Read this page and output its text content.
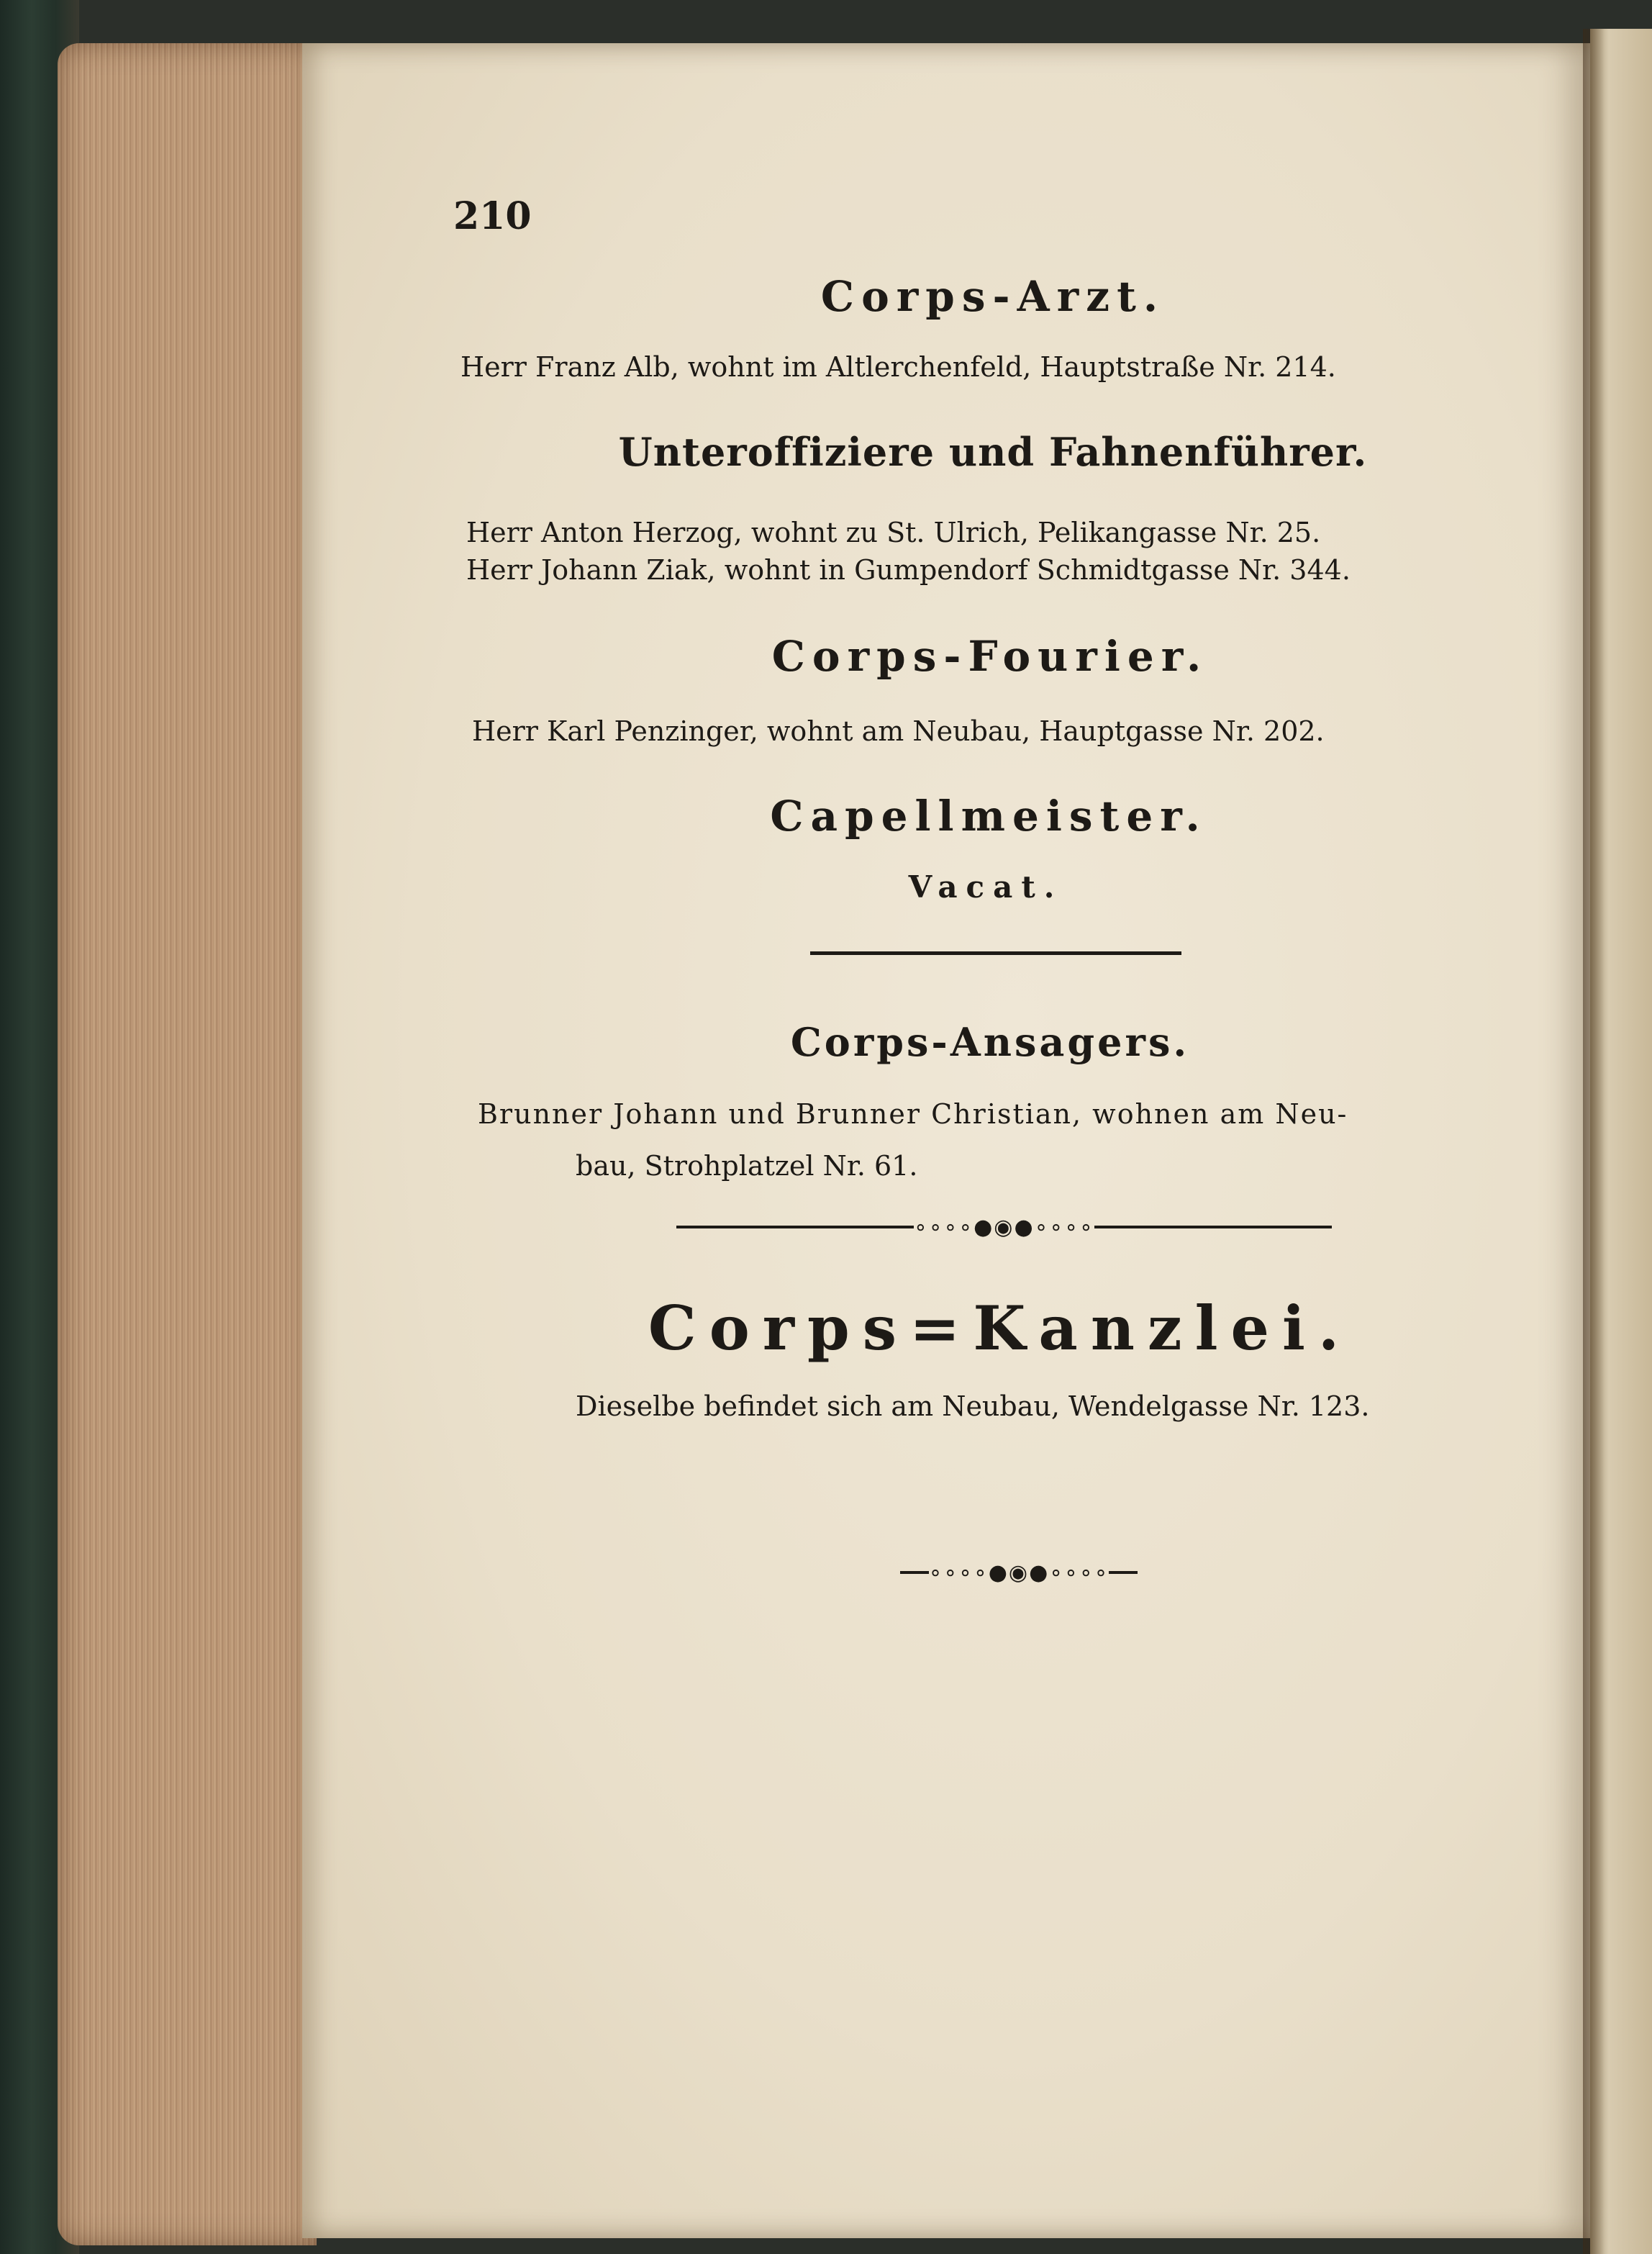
210
Corps-Arzt.
Herr Franz Alb, wohnt im Altlerchenfeld, Hauptstraße Nr. 214.
Unteroffiziere und Fahnenführer.
Herr Anton Herzog, wohnt zu St. Ulrich, Pelikangasse Nr. 25.
Herr Johann Ziak, wohnt in Gumpendorf Schmidtgasse Nr. 344.
Corps-Fourier.
Herr Karl Penzinger, wohnt am Neubau, Hauptgasse Nr. 202.
Capellmeister.
Vacat.
Corps-Ansagers.
Brunner Johann und Brunner Christian, wohnen am Neu-
bau, Strohplatzel Nr. 61.
∘∘∘∘●◉●∘∘∘∘
Corps=Kanzlei.
Dieselbe befindet sich am Neubau, Wendelgasse Nr. 123.
∘∘∘∘●◉●∘∘∘∘
